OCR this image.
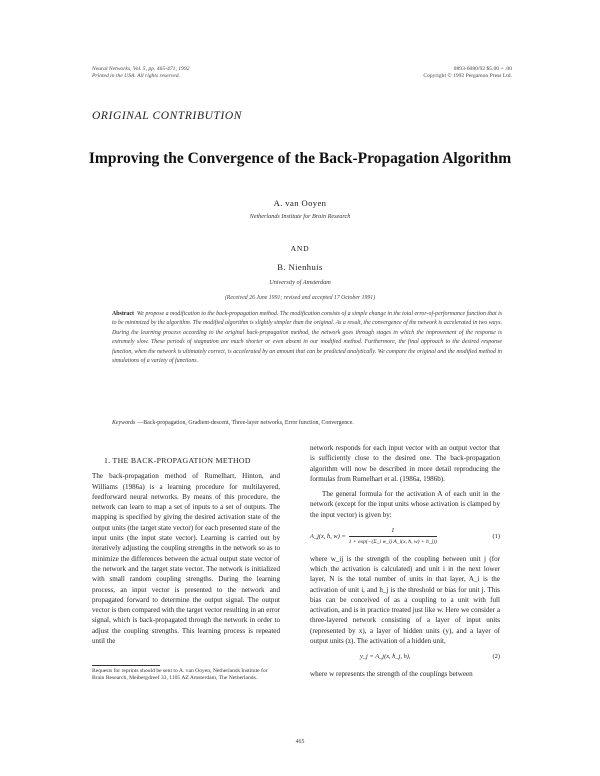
Neural Networks, Vol. 5, pp. 465-471, 1992
Printed in the USA. All rights reserved.
0893-6080/92 $5.00 + .00
Copyright © 1992 Pergamon Press Ltd.
ORIGINAL CONTRIBUTION
Improving the Convergence of the Back-Propagation Algorithm
A. van Ooyen
Netherlands Institute for Brain Research
AND
B. Nienhuis
University of Amsterdam
(Received 26 June 1991; revised and accepted 17 October 1991)
Abstract We propose a modification to the back-propagation method. The modification consists of a simple change in the total error-of-performance function that is to be minimized by the algorithm. The modified algorithm is slightly simpler than the original. As a result, the convergence of the network is accelerated in two ways. During the learning process according to the original back-propagation method, the network goes through stages in which the improvement of the response is extremely slow. These periods of stagnation are much shorter or even absent in our modified method. Furthermore, the final approach to the desired response function, when the network is ultimately correct, is accelerated by an amount that can be predicted analytically. We compare the original and the modified method in simulations of a variety of functions.
Keywords —Back-propagation, Gradient-descent, Three-layer networks, Error function, Convergence.
1. THE BACK-PROPAGATION METHOD

The back-propagation method of Rumelhart, Hinton, and Williams (1986a) is a learning procedure for multilayered, feedforward neural networks. By means of this procedure, the network can learn to map a set of inputs to a set of outputs. The mapping is specified by giving the desired activation state of the output units (the target state vector) for each presented state of the input units (the input state vector). Learning is carried out by iteratively adjusting the coupling strengths in the network so as to minimize the differences between the actual output state vector of the network and the target state vector. The network is initialized with small random coupling strengths. During the learning process, an input vector is presented to the network and propagated forward to determine the output signal. The output vector is then compared with the target vector resulting in an error signal, which is back-propagated through the network in order to adjust the coupling strengths. This learning process is repeated until the

network responds for each input vector with an output vector that is sufficiently close to the desired one. The back-propagation algorithm will now be described in more detail reproducing the formulas from Rumelhart et al. (1986a, 1986b).

The general formula for the activation A of each unit in the network (except for the input units whose activation is clamped by the input vector) is given by:

A_j(x, ħ, $w) = \frac{1}{\text{1 + exp(−(Σ\_i w\_ij A\_i(x, ħ, w) + h\_j))}}$	(1)

where w_ij is the strength of the coupling between unit j (for which the activation is calculated) and unit i in the next lower layer, N is the total number of units in that layer, A_i is the activation of unit i, and h_j is the threshold or bias for unit j. This bias can be conceived of as a coupling to a unit with full activation, and is in practice treated just like w. Here we consider a three-layered network consisting of a layer of input units (represented by x), a layer of hidden units (y), and a layer of output units (z). The activation of a hidden unit,

y_j = A_j(x, ħ_j, h),	(2)

where w represents the strength of the couplings between

Requests for reprints should be sent to A. van Ooyen, Netherlands Institute for Brain Research, Meibergdreef 33, 1105 AZ Amsterdam, The Netherlands.
465
